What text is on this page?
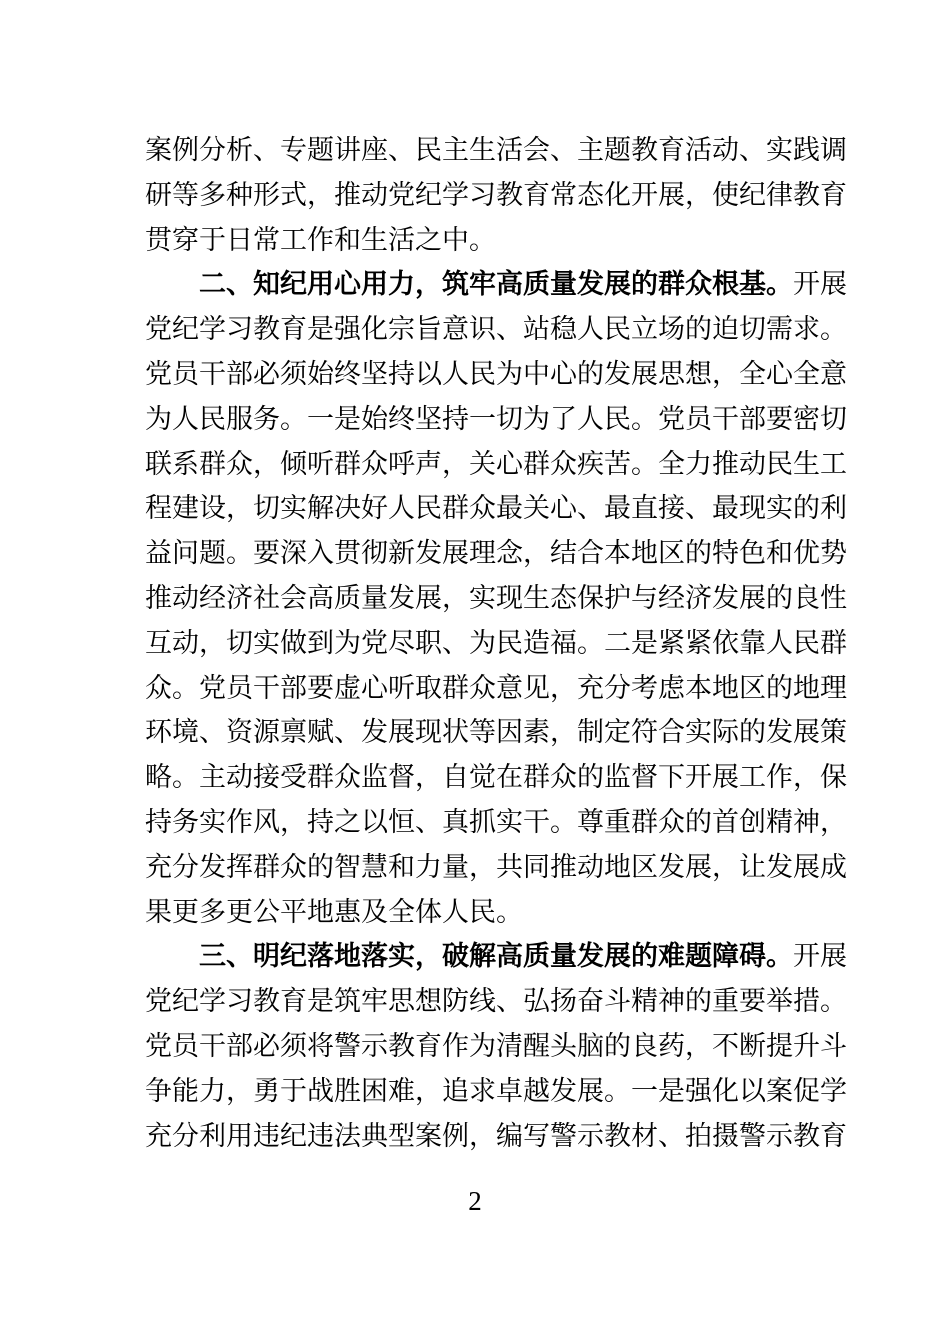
案例分析、专题讲座、民主生活会、主题教育活动、实践调
研等多种形式，推动党纪学习教育常态化开展，使纪律教育
贯穿于日常工作和生活之中。
二、知纪用心用力，筑牢高质量发展的群众根基。开展
党纪学习教育是强化宗旨意识、站稳人民立场的迫切需求。
党员干部必须始终坚持以人民为中心的发展思想，全心全意
为人民服务。一是始终坚持一切为了人民。党员干部要密切
联系群众，倾听群众呼声，关心群众疾苦。全力推动民生工
程建设，切实解决好人民群众最关心、最直接、最现实的利
益问题。要深入贯彻新发展理念，结合本地区的特色和优势
推动经济社会高质量发展，实现生态保护与经济发展的良性
互动，切实做到为党尽职、为民造福。二是紧紧依靠人民群
众。党员干部要虚心听取群众意见，充分考虑本地区的地理
环境、资源禀赋、发展现状等因素，制定符合实际的发展策
略。主动接受群众监督，自觉在群众的监督下开展工作，保
持务实作风，持之以恒、真抓实干。尊重群众的首创精神，
充分发挥群众的智慧和力量，共同推动地区发展，让发展成
果更多更公平地惠及全体人民。
三、明纪落地落实，破解高质量发展的难题障碍。开展
党纪学习教育是筑牢思想防线、弘扬奋斗精神的重要举措。
党员干部必须将警示教育作为清醒头脑的良药，不断提升斗
争能力，勇于战胜困难，追求卓越发展。一是强化以案促学
充分利用违纪违法典型案例，编写警示教材、拍摄警示教育
2
